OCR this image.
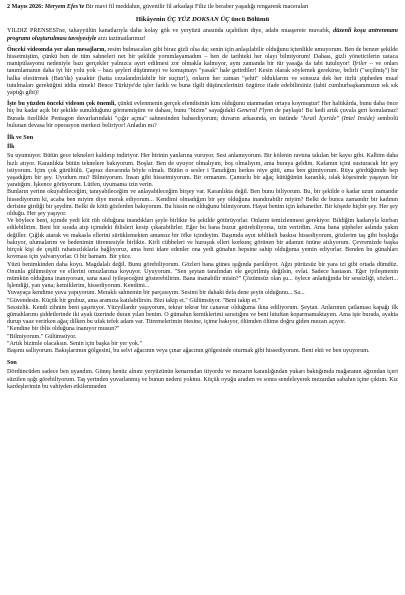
2 Mayıs 2026: Meryem Efes'te Bir mavi fil meddahın, güvenilir fil arkadaşı Filiz ile beraber yaşadığı rengarenk maceraları

Hikâyenin ÜÇ YÜZ DOKSAN ÜÇ üncü Bölümü

YILDIZ PRENSESİ'ne, tahayyülün kanatlarıyla daha kolay gök ve yeryüzü arasında uçabilsin diye, adabı muaşerete muvafık, düzenli koşu antrenmanı programı oluşturulması tavsiyesiyle arzı tazimatlarımız!

Önceki videomda yer alan mesajların, resim bulmacaları gibi biraz gizli olsa da; senin için anlaşılabilir olduğunu içtenlikle umuyorum. Ben de benzer şekilde hissetmiştim, çünkü ben de tüm sahneleri net bir şekilde yorumlayamadım – ben de tarihteki her olayı bilmiyorum! Dahası, gizli yöneticilerin ustaca manipülasyonu nedeniyle bazı gerçekler yalnızca ayırt edilmesi zor olmakla kalmıyor, aynı zamanda bir tür yasağa da tabi tutuluyor! İfriler – ve onları tanımlamanın daha iyi bir yolu yok – bazı şeyleri düşünmeyi ve konuşmayı "yasak" hale getirdiler! Kesin olarak söylemek gerekirse, belirli ("seçilmiş") bir halka elestirmek (Batı'da) yasaktır (hatta cezalandırılabilir bir suçtur!), onların her zaman "şehit" olduklarını ve sonsuza dek her türlü şüpheden muaf tutulmaları gerektiğini iddia etmek! Bence Türkiye'de işler farklı ve buna ilgili düşüncelerinizi özgürce ifade edebilirsiniz (tabii cumhurbaşkanımızın sık sık yaptığı gibi)!

İşte bu yüzden önceki videom çok önemli, çünkü evlenmenin gerçek efendisinin kim olduğunu utanmadan ortaya koymuştur! Her halükârda, bunu daha önce hiç bu kadar açık bir şekilde sunulduğunu görmemiştim ve dahası, bunu "bizim" sayağıdaki General Flynn de paylaştı! Bu kedi artık çuvala geri konulamaz! Burada özellikle Pentagon duvarlarındaki "çığır açma" sahnesinden bahsediyorum; duvarın arkasında, en üstünde "İsrail İçeride" (Intel Inside) sembolü bulunan devasa bir operasyon merkezi beliriyor! Anladın mı?

İlk ve Son
İlk

Su uyumuyor. Bütün gece tekneleri kaldırıp indiriyor. Her birinin yanlarına vuruyor. Sesi anlamıyorum. Bir kölenin ravtına takılan bir kaysı gibi. Kalbim daha hızlı atıyor. Karanlıkta bütün teknelere bakıyorum. Boşlar. Ben de uyuyor olmalıyım, boş olmalıyım, ama buraya geldim. Kafamın içini susturacak bir şey istiyorum. İçim çok gürültülü. Çapraz duvarında böyle olmalı. Bütün o sesler i Tanıdığım herkes niye gitti, ama ben gitmiyorum. Rüya gördüğümde hep yaşadığım bir şey. Uyudum mu? Bilmiyorum. İnsan gibi hissetmiyorum. Bir ormanım. Çamurlu bir ağaç kütüğünün karanlık, ıslak köşesinde yaşayan bir yaratığım. İşkence görüyorum. Lütfen, uyumama izin verin.

Bunların yerine okuyabileceğim, tanıyabileceğim ve anlayabileceğim birşey var. Karanlıkta değil. Ben bunu biliyorum. Bu, bir şekilde o kadar uzun zamandır hissediyorum ki, acaba ben miyim diye merak ediyorum... Kendimi olmadığım bir şey olduğuna inandırabilir miyim? Belki de bunca zamandır bir kadının derisine girdiği bir şeydim. Belki de kötü gözlerden bakıyorum. Bu hissin ne olduğunu bilmiyorum. Hayat benim için kehanetler. Bir köşede hiçbir şey. Her şey olduğu. Her şey yaşıyor.

Ve böylece beni, içimde yedi köt rüh olduğuna inandıkları şeyle birlikte bu şekilde götürüyorlar. Onların temizlenmesi gerekiyor. Bildiğim kadarıyla kurban edilebilirim. Beni bir sırada atıp içimdeki iblisleri kesip çıkarabilirler. Eğer bu bana huzur getirebiliyorsa, izin verirdim. Ama bana şüpheler aslında yakın değiller. Çığlık atarak ve makasla ellerini sürüklemekten amansız bir öfke içindeyim. Başımda ayın tehlikeli baskısı hissediyorum, gözlerim taş gibi boşluğa bakıyor, ulumalarım ve bedenimin titremesiyle birlikte. Kirli cübbeleri ve huruşuk elleri korkunç görünen bir adamın önüne atılıyorum. Çevremizde başka birçok kişi de çeşitli rahatsızlıklarla bağlıyoruz, ama beni idare edenler ona yedi günahın hepsine sahip olduğuma yemin ediyorlar. Benden bu günahları kovması için yalvarıyorlar. O bir hamam. Bir yüce.

Yüzü benimkinden daha koyu. Magdalalı değil. Bunu görebiliyorum. Gözleri bana günes ışığında parıldıyor. Ağzı pürüzsüz bir yara izi gibi ortada dümdüz. Onunla gülümsüyor ve ellerini omuzlarıma koyuyor. Uyuyorum. "Sen şeytan tarafından ele geçirilmiş değilsin, evlat. Sadece hastasın. Eğer iyileşmenin mümkün olduğuna inanıyorsan, sana nasıl iyileşeceğini gösterebilirim. Bana inanabilir misin?" Çözümsüz olan şu... öylece anlattığında bir sessizliği, sözleri... İşlendiği, yan yana; kemiklerim, hissediyorum. Kendimi...

Yuvayaça kendime yuva yapıyorum. Meraklı sahnemin bir parçasıyım. Sesimi bir dahaki defa dene şeyin olduğunu... Sa...

"Güvendesin. Küçük bir grubuz, ama aramıza katılabilirsin. Bizi takip et." Gülümsüyor. "Beni takip et."

Sessizlik. Kendi zihnim beni şaşırtıyor. Yüzyıllardır yaşıyorum, tekrar tekrar bir canavar olduğuma ikna ediliyorum. Şeytan. Anlarımın çatlaması kapağı ilk gümahlarımı şiddetlerinde iki ayak üzerinde duran yılan benim. O gümahın kemiklerimi sarsıtığını ve beni lutuftan koparmamaktayım. Ama işte burada, ayakta durup vaaz verirken ağaç dilken bu ufak tefek adam var. Titremelerimin ötesine, içime bakıyor, ölümden ölüme doğru giden mezarı açıyor.

"Kendine bir iblis olduğuna inanıyor musun?"

"Bilmiyorum." Gülümsüyor.

"Artık bizimle olacaksın. Senin için başka bir yer yok."

Başımı sallıyorum. Bakışlarımın gölgesini, bu selvi ağacının veya çınar ağacının gölgesinde oturmak gibi hissediyorum. Beni ekti ve ben uyuyorum.

Son

Dördüncüden sadece ben uyandım. Güneş henüz alnını yeryüzünün kenarından itiyordu ve mezarın karanlığından yukarı baktığımda mağaranın ağzından içeri süzülen ışığı görebiliyorum. Taş yerinden yuvarlanmış ve bunun nedeni yokmu. Küçük oyuğu aradım ve sonra sendeleyerek mezardan sabahın içine çıktım. Kız kardeşlerimin bu vahiyden etkilenmeden
